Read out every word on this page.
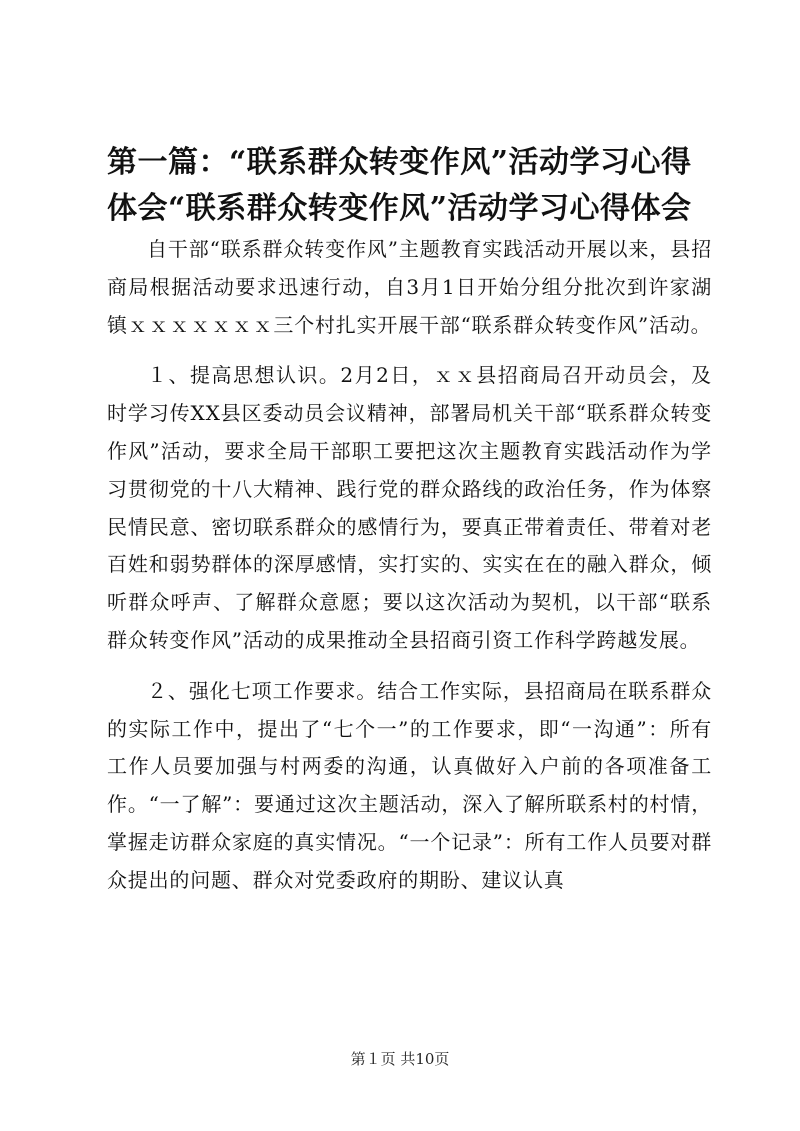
第一篇：“联系群众转变作风”活动学习心得体会“联系群众转变作风”活动学习心得体会

自干部“联系群众转变作风”主题教育实践活动开展以来，县招商局根据活动要求迅速行动，自3月1日开始分组分批次到许家湖镇ｘｘｘｘｘｘｘ三个村扎实开展干部“联系群众转变作风”活动。

１、提高思想认识。2月2日，ｘｘ县招商局召开动员会，及时学习传XX县区委动员会议精神，部署局机关干部“联系群众转变作风”活动，要求全局干部职工要把这次主题教育实践活动作为学习贯彻党的十八大精神、践行党的群众路线的政治任务，作为体察民情民意、密切联系群众的感情行为，要真正带着责任、带着对老百姓和弱势群体的深厚感情，实打实的、实实在在的融入群众，倾听群众呼声、了解群众意愿；要以这次活动为契机，以干部“联系群众转变作风”活动的成果推动全县招商引资工作科学跨越发展。

２、强化七项工作要求。结合工作实际，县招商局在联系群众的实际工作中，提出了“七个一”的工作要求，即“一沟通”：所有工作人员要加强与村两委的沟通，认真做好入户前的各项准备工作。“一了解”：要通过这次主题活动，深入了解所联系村的村情，掌握走访群众家庭的真实情况。“一个记录”：所有工作人员要对群众提出的问题、群众对党委政府的期盼、建议认真

第１页 共10页
